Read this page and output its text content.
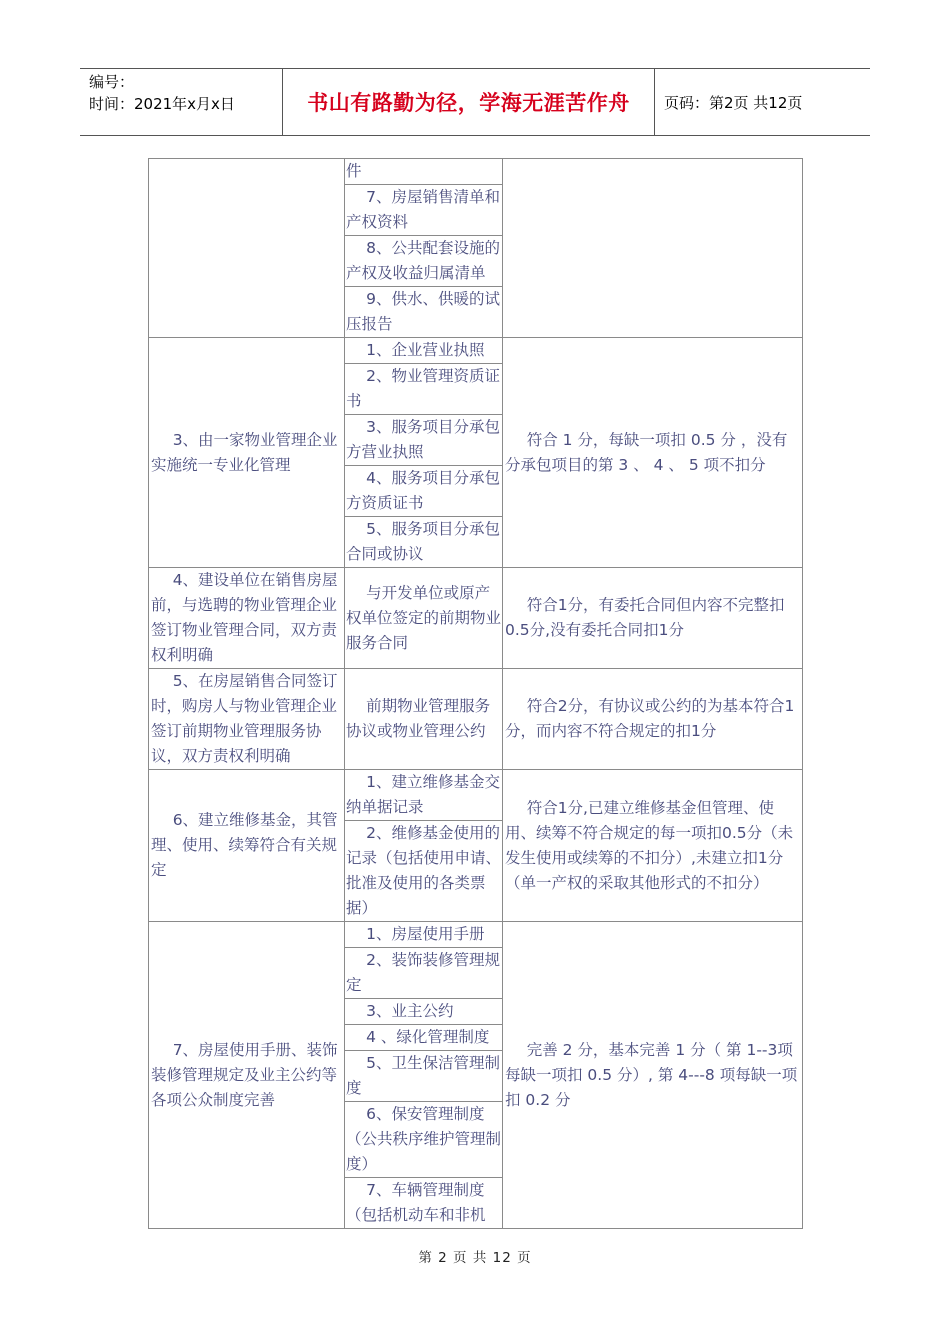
编号：
时间：2021年x月x日	书山有路勤为径，学海无涯苦作舟	页码：第2页 共12页
	件	
	7、房屋销售清单和产权资料	
	8、公共配套设施的产权及收益归属清单	
	9、供水、供暖的试压报告	
3、由一家物业管理企业实施统一专业化管理	1、企业营业执照	符合 1 分，每缺一项扣 0.5 分 ，没有分承包项目的第 3 、 4 、 5 项不扣分
	2、物业管理资质证书	
	3、服务项目分承包方营业执照	
	4、服务项目分承包方资质证书	
	5、服务项目分承包合同或协议	
4、建设单位在销售房屋前，与选聘的物业管理企业签订物业管理合同，双方责权利明确	与开发单位或原产权单位签定的前期物业服务合同	符合1分，有委托合同但内容不完整扣0.5分,没有委托合同扣1分
5、在房屋销售合同签订时，购房人与物业管理企业签订前期物业管理服务协议，双方责权利明确	前期物业管理服务协议或物业管理公约	符合2分，有协议或公约的为基本符合1分，而内容不符合规定的扣1分
6、建立维修基金，其管理、使用、续筹符合有关规定	1、建立维修基金交纳单据记录	符合1分,已建立维修基金但管理、使用、续筹不符合规定的每一项扣0.5分（未发生使用或续筹的不扣分）,未建立扣1分（单一产权的采取其他形式的不扣分）
	2、维修基金使用的记录（包括使用申请、批准及使用的各类票据）	
7、房屋使用手册、装饰装修管理规定及业主公约等各项公众制度完善	1、房屋使用手册	完善 2 分，基本完善 1 分（ 第 1--3项每缺一项扣 0.5 分）, 第 4---8 项每缺一项扣 0.2 分
	2、装饰装修管理规定	
	3、业主公约	
	4 、绿化管理制度	
	5、卫生保洁管理制度	
	6、保安管理制度（公共秩序维护管理制度）	
	7、车辆管理制度（包括机动车和非机	
第 2 页 共 12 页
